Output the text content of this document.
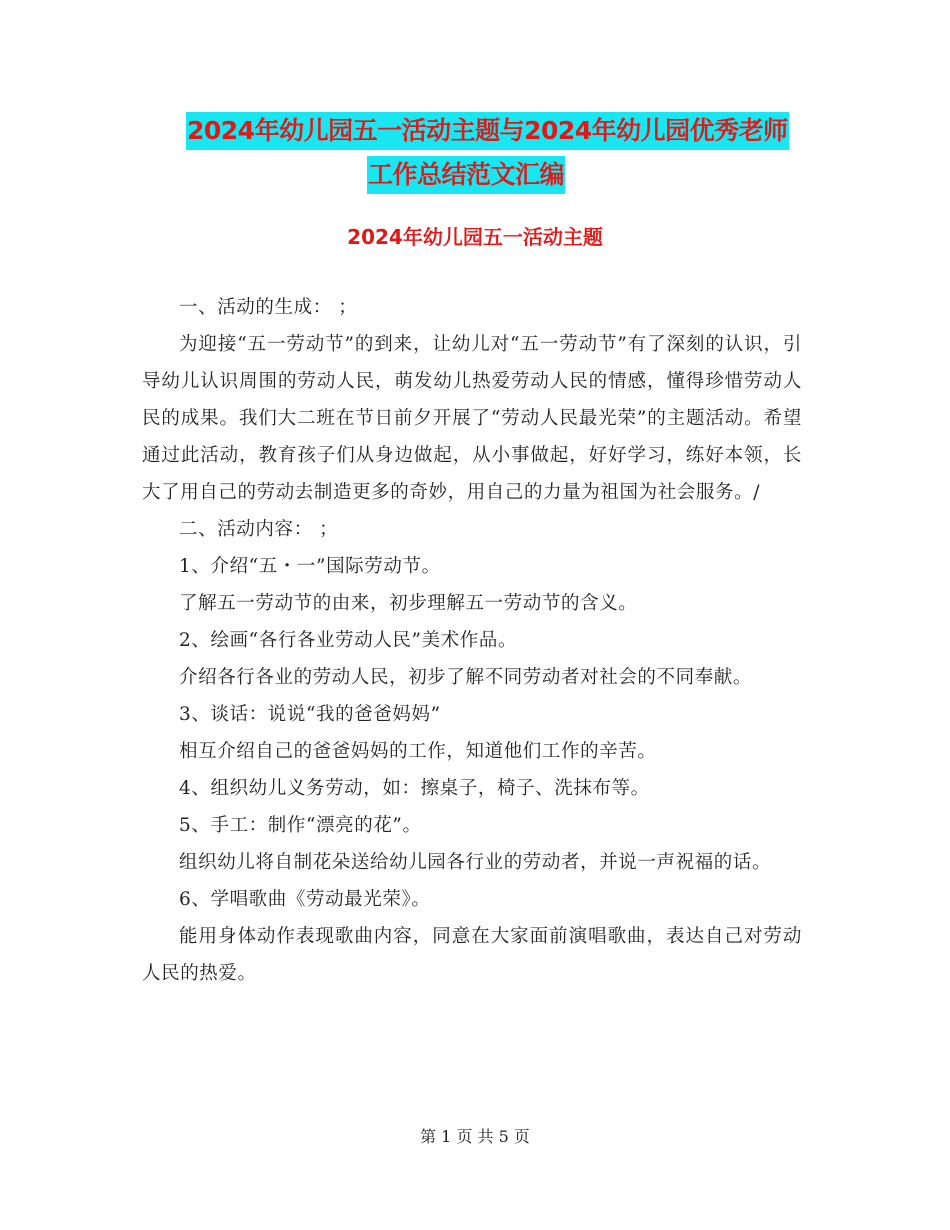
2024年幼儿园五一活动主题与2024年幼儿园优秀老师
工作总结范文汇编
2024年幼儿园五一活动主题

一、活动的生成： ；

为迎接“五一劳动节”的到来，让幼儿对“五一劳动节”有了深刻的认识，引导幼儿认识周围的劳动人民，萌发幼儿热爱劳动人民的情感，懂得珍惜劳动人民的成果。我们大二班在节日前夕开展了“劳动人民最光荣”的主题活动。希望通过此活动，教育孩子们从身边做起，从小事做起，好好学习，练好本领，长大了用自己的劳动去制造更多的奇妙，用自己的力量为祖国为社会服务。/

二、活动内容： ；

1、介绍“五・一”国际劳动节。

了解五一劳动节的由来，初步理解五一劳动节的含义。

2、绘画“各行各业劳动人民”美术作品。

介绍各行各业的劳动人民，初步了解不同劳动者对社会的不同奉献。

3、谈话：说说“我的爸爸妈妈”

相互介绍自己的爸爸妈妈的工作，知道他们工作的辛苦。

4、组织幼儿义务劳动，如：擦桌子，椅子、洗抹布等。

5、手工：制作“漂亮的花”。

组织幼儿将自制花朵送给幼儿园各行业的劳动者，并说一声祝福的话。

6、学唱歌曲《劳动最光荣》。

能用身体动作表现歌曲内容，同意在大家面前演唱歌曲，表达自己对劳动人民的热爱。

第 1 页 共 5 页
